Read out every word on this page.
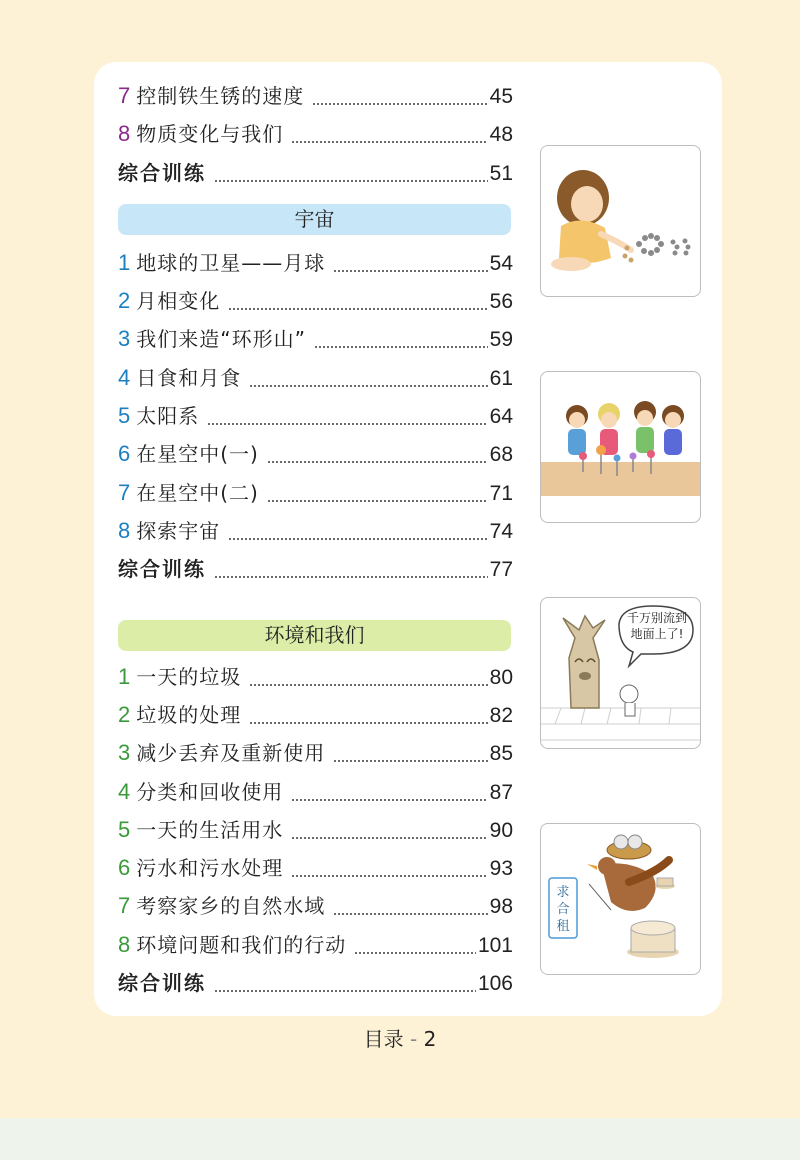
7 控制铁生锈的速度	45
8 物质变化与我们	48
综合训练	51
宇宙
1 地球的卫星——月球	54
2 月相变化	56
3 我们来造“环形山”	59
4 日食和月食	61
5 太阳系	64
6 在星空中(一)	68
7 在星空中(二)	71
8 探索宇宙	74
综合训练	77
环境和我们
1 一天的垃圾	80
2 垃圾的处理	82
3 减少丢弃及重新使用	85
4 分类和回收使用	87
5 一天的生活用水	90
6 污水和污水处理	93
7 考察家乡的自然水域	98
8 环境问题和我们的行动	101
综合训练	106
千万别流到地面上了!
求合租
目录 - 2
